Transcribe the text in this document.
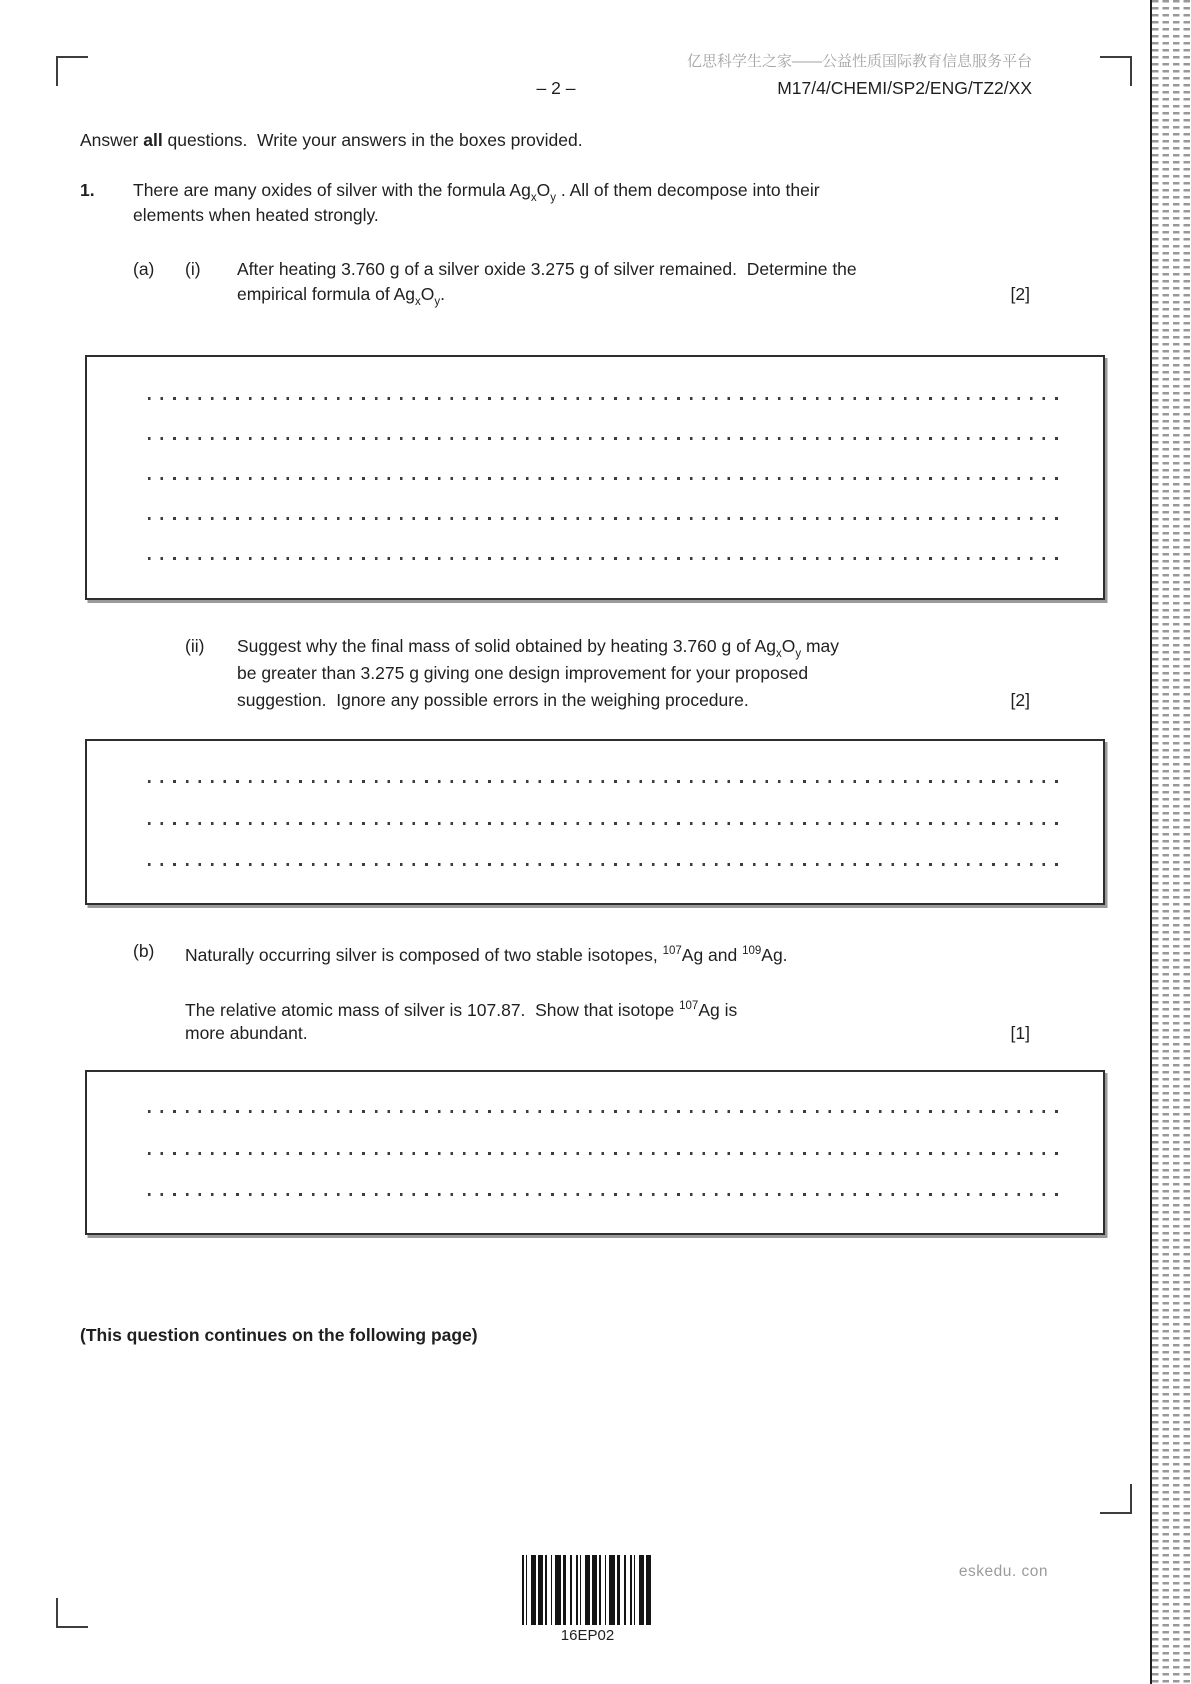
亿思科学生之家——公益性质国际教育信息服务平台
– 2 –	M17/4/CHEMI/SP2/ENG/TZ2/XX
Answer all questions.  Write your answers in the boxes provided.
1. There are many oxides of silver with the formula $Ag_xO_y$ . All of them decompose into their
elements when heated strongly.
(a) (i) After heating 3.760 g of a silver oxide 3.275 g of silver remained.  Determine the
empirical formula of $Ag_xO_y$.	[2]
(ii) Suggest why the final mass of solid obtained by heating 3.760 g of $Ag_xO_y$ may
be greater than 3.275 g giving one design improvement for your proposed
suggestion.  Ignore any possible errors in the weighing procedure.	[2]
(b) Naturally occurring silver is composed of two stable isotopes, $^{107}$Ag and $^{109}$Ag.
The relative atomic mass of silver is 107.87.  Show that isotope $^{107}$Ag is
more abundant.	[1]
(This question continues on the following page)
16EP02
eskedu. con
